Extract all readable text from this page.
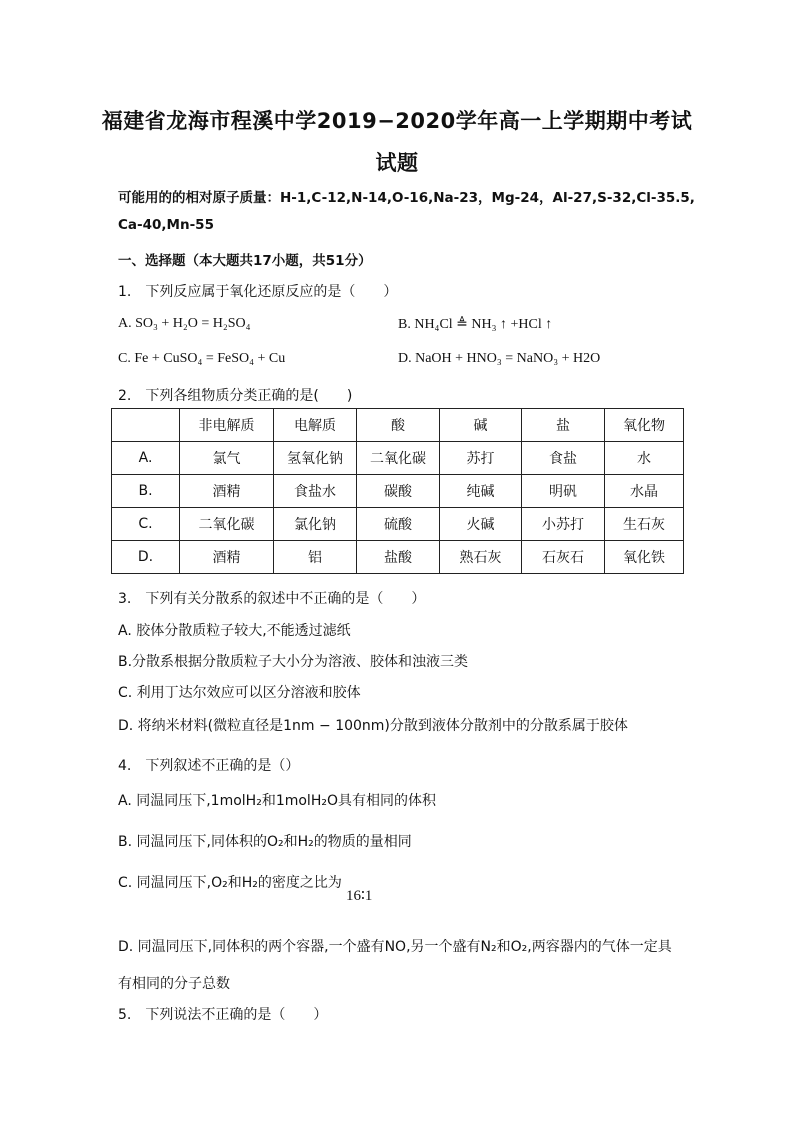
福建省龙海市程溪中学2019−2020学年高一上学期期中考试
试题
可能用的的相对原子质量：H-1,C-12,N-14,O-16,Na-23，Mg-24，Al-27,S-32,Cl-35.5,
Ca-40,Mn-55
一、选择题（本大题共17小题，共51分）
1.　下列反应属于氧化还原反应的是（　　）
A. SO₃ + H₂O = H₂SO₄	B. NH₄Cl ≜ NH₃ ↑ +HCl ↑
C. Fe + CuSO₄ = FeSO₄ + Cu	D. NaOH + HNO₃ = NaNO₃ + H2O
2.　下列各组物质分类正确的是(　　)
	非电解质	电解质	酸	碱	盐	氧化物
A.	氯气	氢氧化钠	二氧化碳	苏打	食盐	水
B.	酒精	食盐水	碳酸	纯碱	明矾	水晶
C.	二氧化碳	氯化钠	硫酸	火碱	小苏打	生石灰
D.	酒精	铝	盐酸	熟石灰	石灰石	氧化铁
3.　下列有关分散系的叙述中不正确的是（　　）
A. 胶体分散质粒子较大,不能透过滤纸
B.分散系根据分散质粒子大小分为溶液、胶体和浊液三类
C. 利用丁达尔效应可以区分溶液和胶体
D. 将纳米材料(微粒直径是1nm − 100nm)分散到液体分散剂中的分散系属于胶体
4.　下列叙述不正确的是（）
A. 同温同压下,1molH₂和1molH₂O具有相同的体积
B. 同温同压下,同体积的O₂和H₂的物质的量相同
C. 同温同压下,O₂和H₂的密度之比为
16∶1
D. 同温同压下,同体积的两个容器,一个盛有NO,另一个盛有N₂和O₂,两容器内的气体一定具
有相同的分子总数
5.　下列说法不正确的是（　　）
